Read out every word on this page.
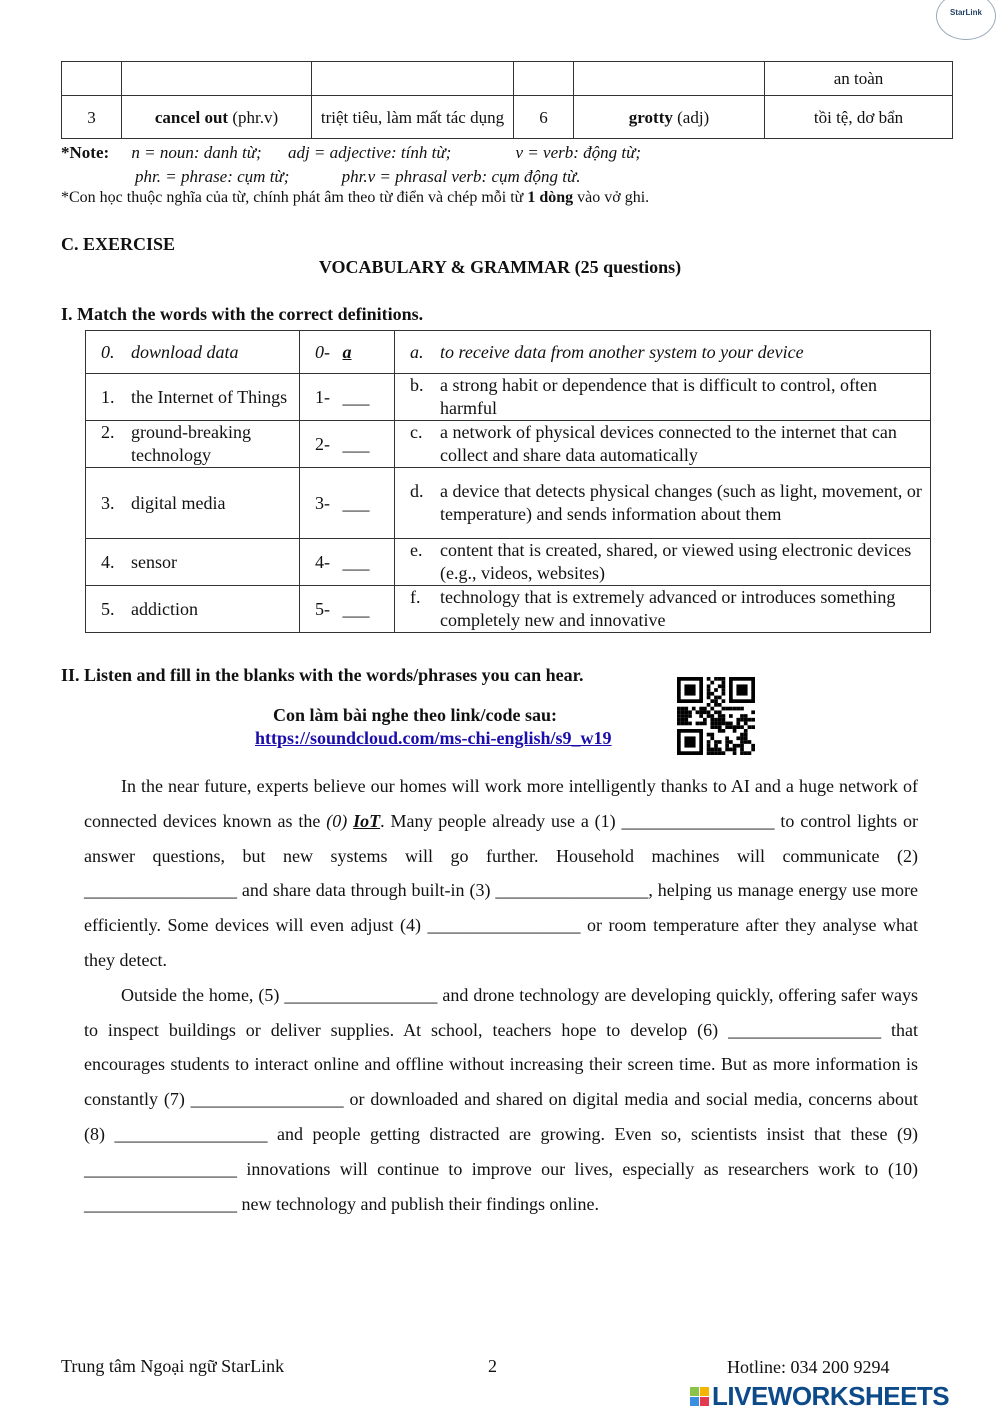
StarLink
					an toàn
3	cancel out (phr.v)	triệt tiêu, làm mất tác dụng	6	grotty (adj)	tồi tệ, dơ bẩn
*Note: n = noun: danh từ; adj = adjective: tính từ;	v = verb: động từ;
phr. = phrase: cụm từ;	phr.v = phrasal verb: cụm động từ.
*Con học thuộc nghĩa của từ, chính phát âm theo từ điển và chép mỗi từ 1 dòng vào vở ghi.
C. EXERCISE
VOCABULARY & GRAMMAR (25 questions)
I. Match the words with the correct definitions.
0. download data	0- a	a. to receive data from another system to your device

1. the Internet of Things	1- ___	b. a strong habit or dependence that is difficult to control, often harmful

2. ground-breaking technology	2- ___	c. a network of physical devices connected to the internet that can collect and share data automatically

3. digital media	3- ___	d. a device that detects physical changes (such as light, movement, or temperature) and sends information about them

4. sensor	4- ___	e. content that is created, shared, or viewed using electronic devices (e.g., videos, websites)

5. addiction	5- ___	f. technology that is extremely advanced or introduces something completely new and innovative
II. Listen and fill in the blanks with the words/phrases you can hear.
Con làm bài nghe theo link/code sau:
https://soundcloud.com/ms-chi-english/s9_w19

In the near future, experts believe our homes will work more intelligently thanks to AI and a huge network of connected devices known as the (0) IoT. Many people already use a (1) _________________ to control lights or answer questions, but new systems will go further. Household machines will communicate (2) _________________ and share data through built-in (3) _________________, helping us manage energy use more efficiently. Some devices will even adjust (4) _________________ or room temperature after they analyse what they detect.

Outside the home, (5) _________________ and drone technology are developing quickly, offering safer ways to inspect buildings or deliver supplies. At school, teachers hope to develop (6) _________________ that encourages students to interact online and offline without increasing their screen time. But as more information is constantly (7) _________________ or downloaded and shared on digital media and social media, concerns about (8) _________________ and people getting distracted are growing. Even so, scientists insist that these (9) _________________ innovations will continue to improve our lives, especially as researchers work to (10) _________________ new technology and publish their findings online.

Trung tâm Ngoại ngữ StarLink	2	Hotline: 034 200 9294
LIVEWORKSHEETS
